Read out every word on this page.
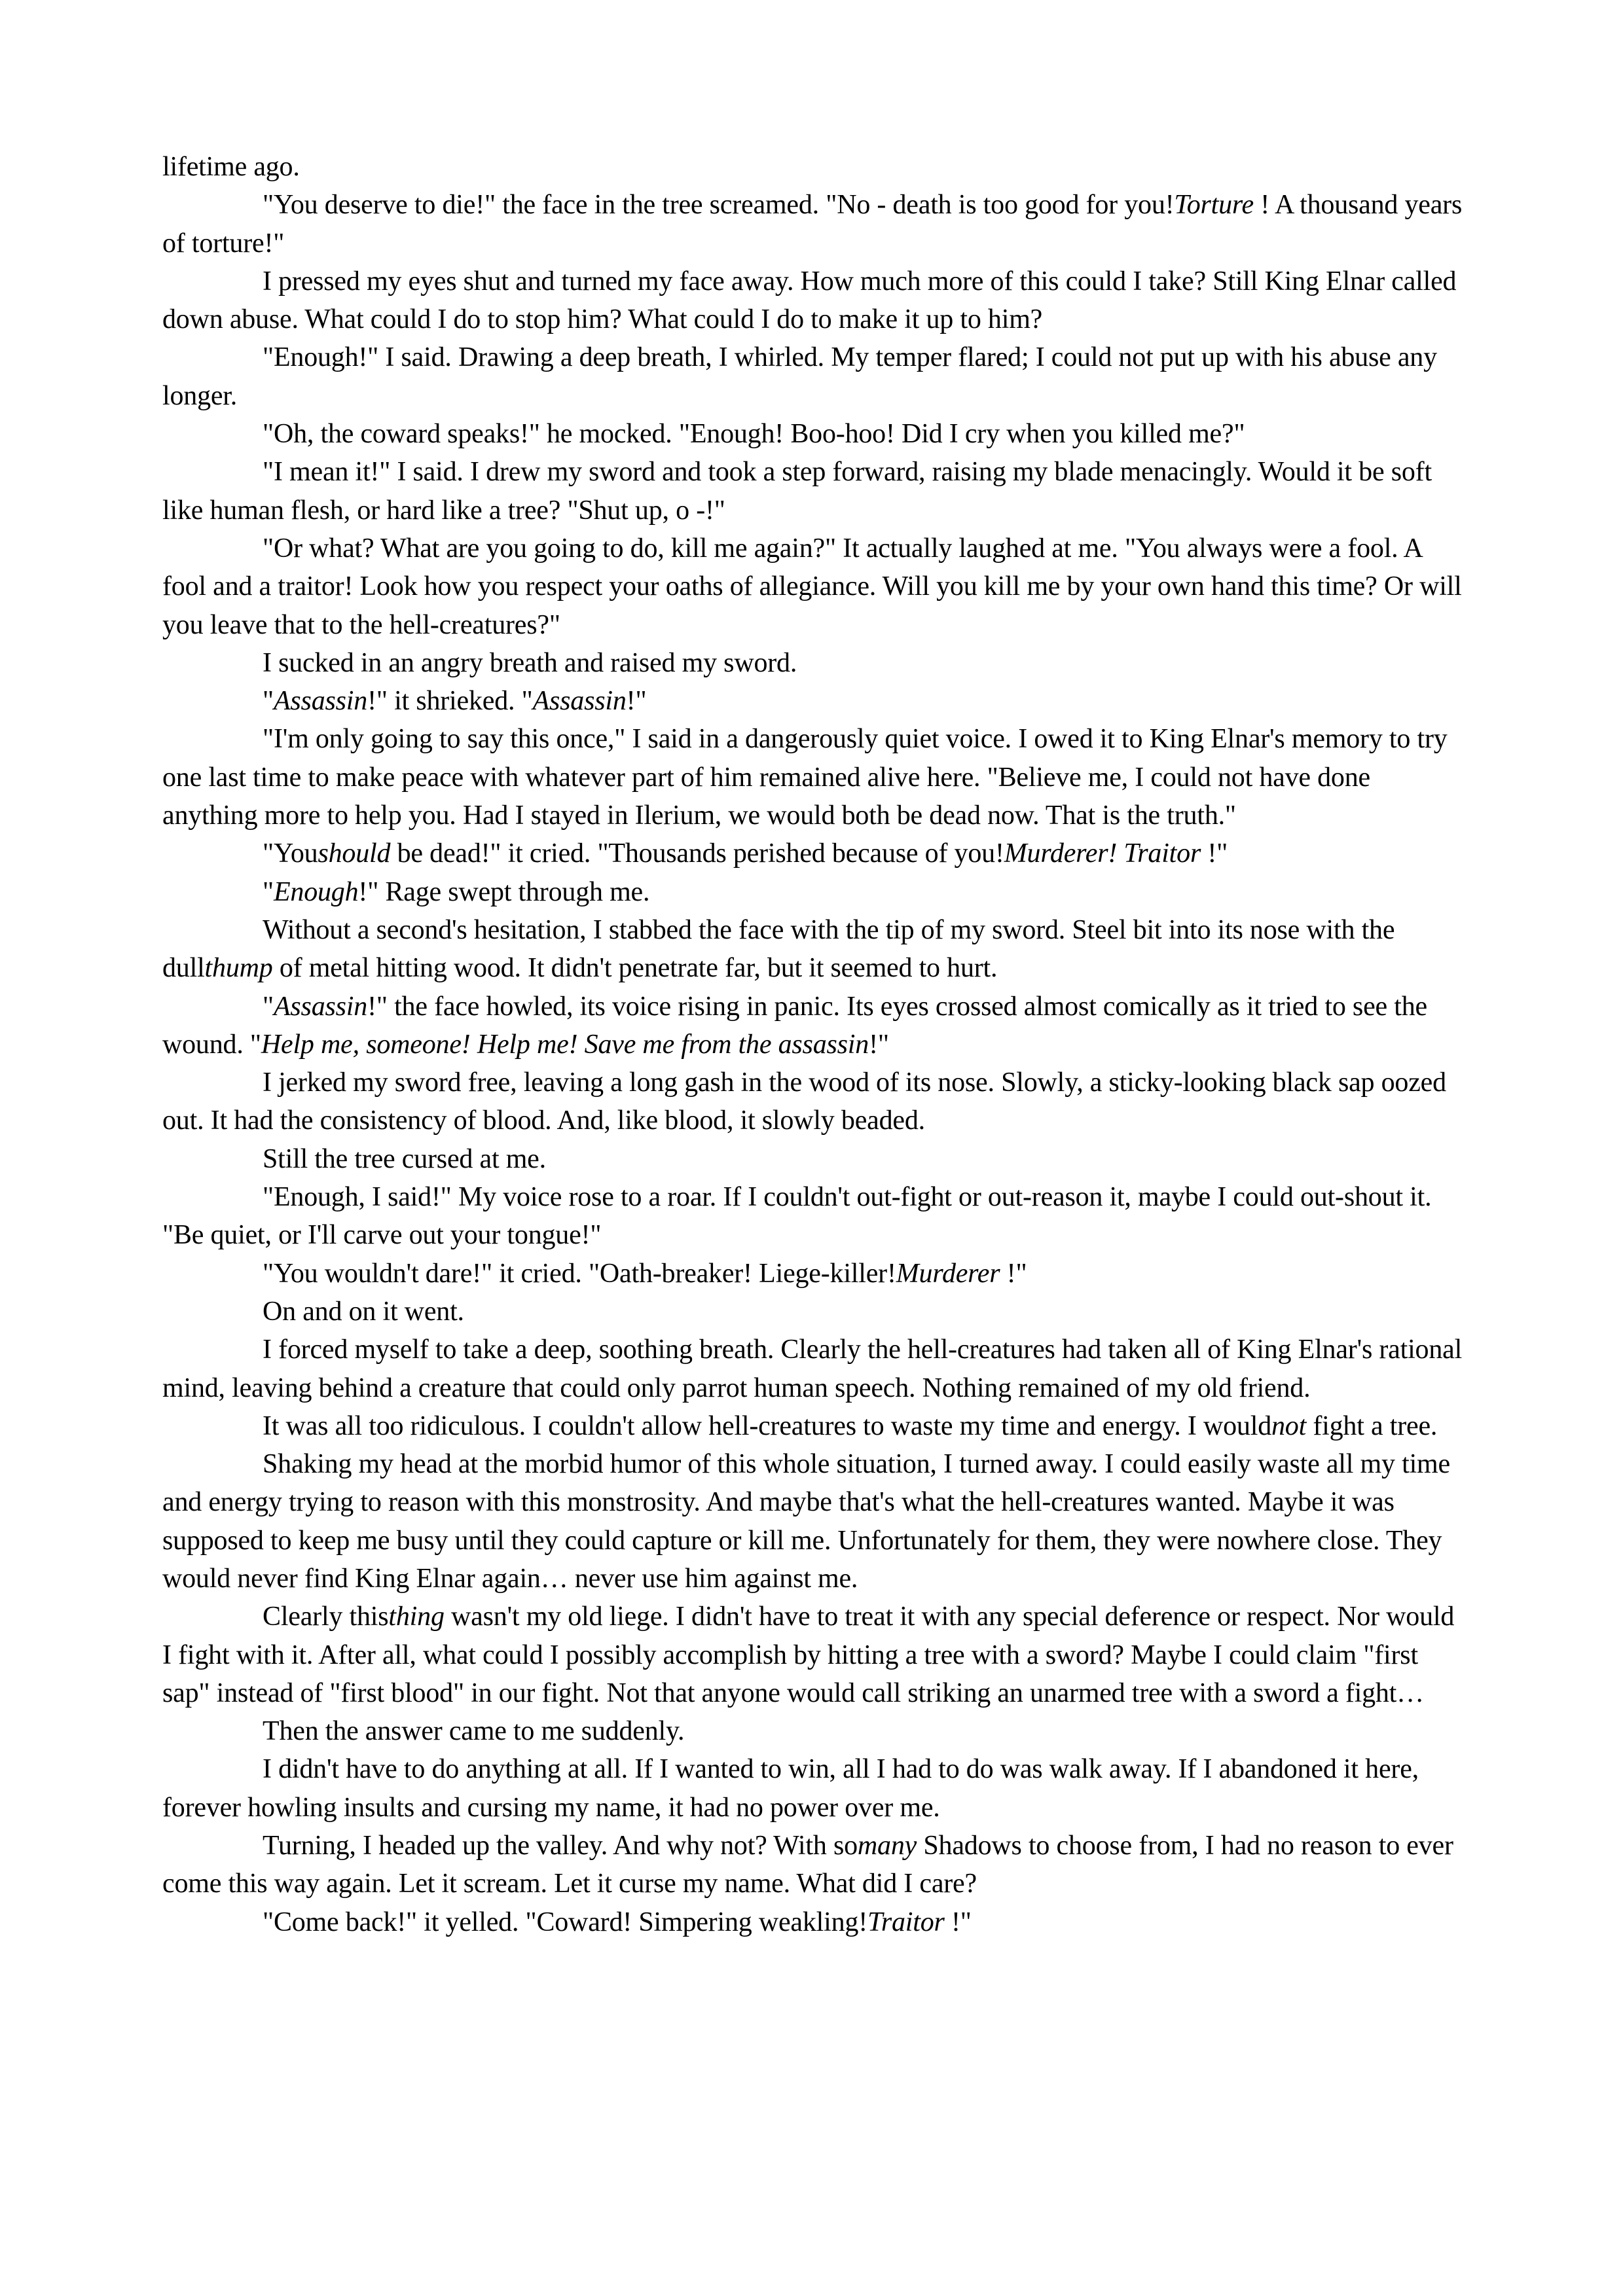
lifetime ago.

"You deserve to die!" the face in the tree screamed. "No - death is too good for you!Torture ! A thousand years of torture!"

I pressed my eyes shut and turned my face away. How much more of this could I take? Still King Elnar called down abuse. What could I do to stop him? What could I do to make it up to him?

"Enough!" I said. Drawing a deep breath, I whirled. My temper flared; I could not put up with his abuse any longer.

"Oh, the coward speaks!" he mocked. "Enough! Boo-hoo! Did I cry when you killed me?"

"I mean it!" I said. I drew my sword and took a step forward, raising my blade menacingly. Would it be soft like human flesh, or hard like a tree? "Shut up, o -!"

"Or what? What are you going to do, kill me again?" It actually laughed at me. "You always were a fool. A fool and a traitor! Look how you respect your oaths of allegiance. Will you kill me by your own hand this time? Or will you leave that to the hell-creatures?"

I sucked in an angry breath and raised my sword.

"Assassin!" it shrieked. "Assassin!"

"I'm only going to say this once," I said in a dangerously quiet voice. I owed it to King Elnar's memory to try one last time to make peace with whatever part of him remained alive here. "Believe me, I could not have done anything more to help you. Had I stayed in Ilerium, we would both be dead now. That is the truth."

"Youshould be dead!" it cried. "Thousands perished because of you!Murderer! Traitor !"

"Enough!" Rage swept through me.

Without a second's hesitation, I stabbed the face with the tip of my sword. Steel bit into its nose with the dullthump of metal hitting wood. It didn't penetrate far, but it seemed to hurt.

"Assassin!" the face howled, its voice rising in panic. Its eyes crossed almost comically as it tried to see the wound. "Help me, someone! Help me! Save me from the assassin!"

I jerked my sword free, leaving a long gash in the wood of its nose. Slowly, a sticky-looking black sap oozed out. It had the consistency of blood. And, like blood, it slowly beaded.

Still the tree cursed at me.

"Enough, I said!" My voice rose to a roar. If I couldn't out-fight or out-reason it, maybe I could out-shout it. "Be quiet, or I'll carve out your tongue!"

"You wouldn't dare!" it cried. "Oath-breaker! Liege-killer!Murderer !"

On and on it went.

I forced myself to take a deep, soothing breath. Clearly the hell-creatures had taken all of King Elnar's rational mind, leaving behind a creature that could only parrot human speech. Nothing remained of my old friend.

It was all too ridiculous. I couldn't allow hell-creatures to waste my time and energy. I wouldnot fight a tree.

Shaking my head at the morbid humor of this whole situation, I turned away. I could easily waste all my time and energy trying to reason with this monstrosity. And maybe that's what the hell-creatures wanted. Maybe it was supposed to keep me busy until they could capture or kill me. Unfortunately for them, they were nowhere close. They would never find King Elnar again… never use him against me.

Clearly thisthing wasn't my old liege. I didn't have to treat it with any special deference or respect. Nor would I fight with it. After all, what could I possibly accomplish by hitting a tree with a sword? Maybe I could claim "first sap" instead of "first blood" in our fight. Not that anyone would call striking an unarmed tree with a sword a fight…

Then the answer came to me suddenly.

I didn't have to do anything at all. If I wanted to win, all I had to do was walk away. If I abandoned it here, forever howling insults and cursing my name, it had no power over me.

Turning, I headed up the valley. And why not? With somany Shadows to choose from, I had no reason to ever come this way again. Let it scream. Let it curse my name. What did I care?

"Come back!" it yelled. "Coward! Simpering weakling!Traitor !"
